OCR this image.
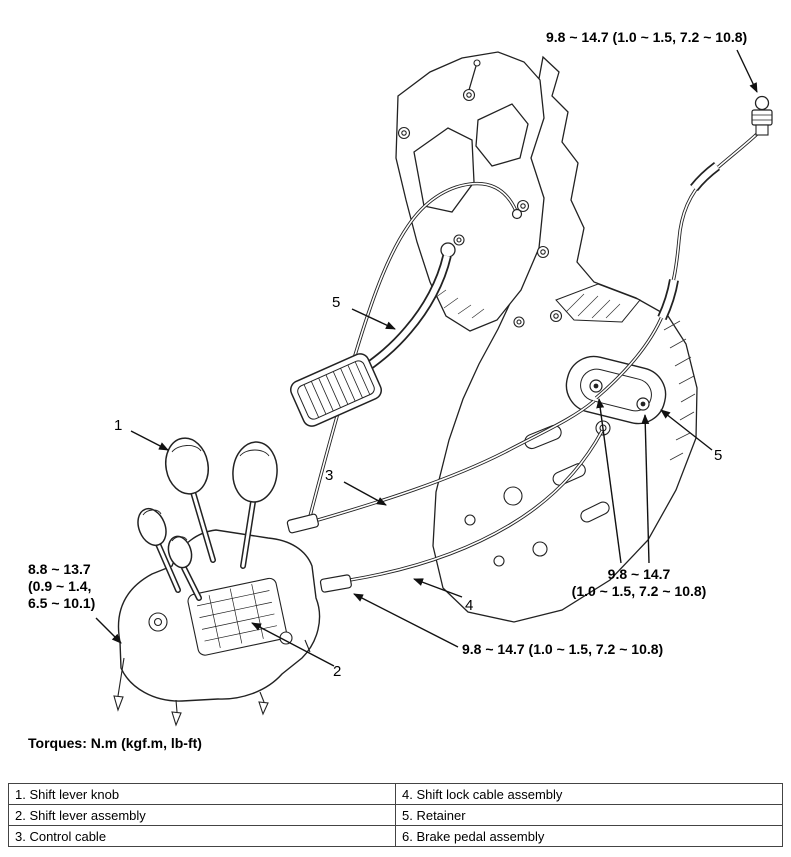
9.8 ~ 14.7 (1.0 ~ 1.5, 7.2 ~ 10.8)
5
1
3
8.8 ~ 13.7
(0.9 ~ 1.4,
6.5 ~ 10.1)
2
4
9.8 ~ 14.7
(1.0 ~ 1.5, 7.2 ~ 10.8)
5
9.8 ~ 14.7 (1.0 ~ 1.5, 7.2 ~ 10.8)
Torques: N.m (kgf.m, lb-ft)
1. Shift lever knob	4. Shift lock cable assembly
2. Shift lever assembly	5. Retainer
3. Control cable	6. Brake pedal assembly
